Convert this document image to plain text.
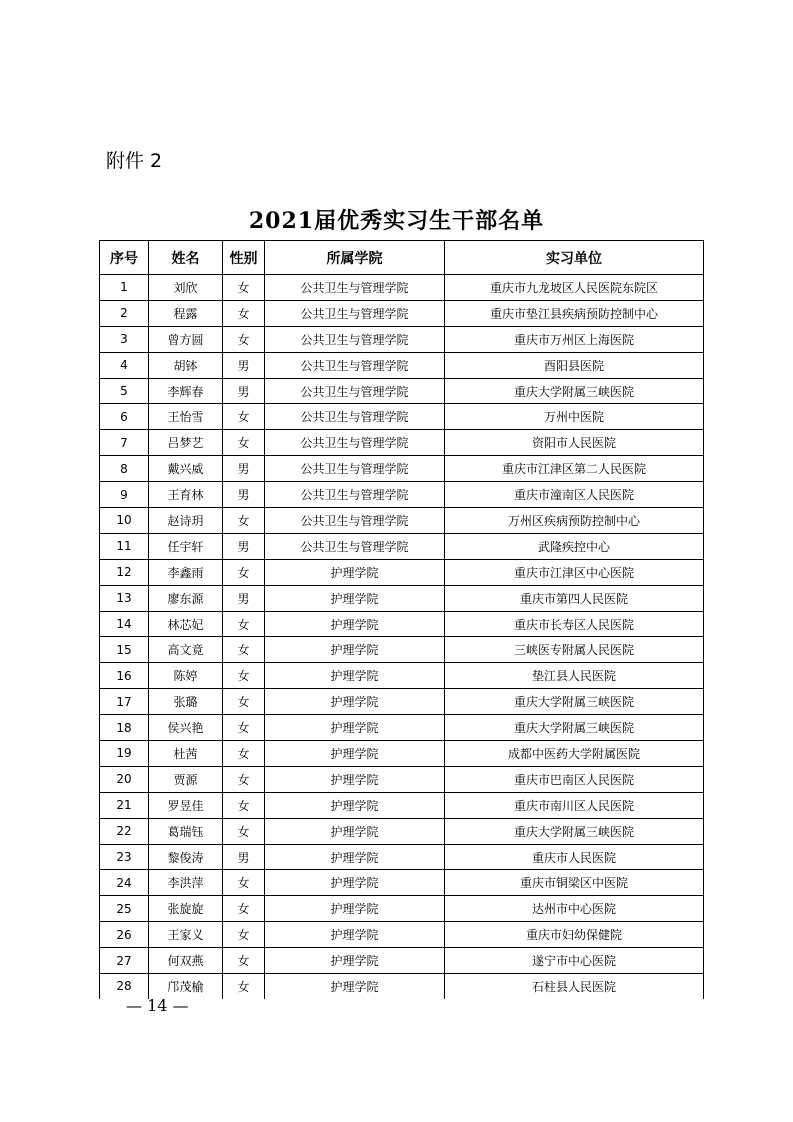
附件 2
2021届优秀实习生干部名单
序号	姓名	性别	所属学院	实习单位
1	刘欣	女	公共卫生与管理学院	重庆市九龙坡区人民医院东院区
2	程露	女	公共卫生与管理学院	重庆市垫江县疾病预防控制中心
3	曾方圆	女	公共卫生与管理学院	重庆市万州区上海医院
4	胡钵	男	公共卫生与管理学院	酉阳县医院
5	李辉春	男	公共卫生与管理学院	重庆大学附属三峡医院
6	王怡雪	女	公共卫生与管理学院	万州中医院
7	吕梦艺	女	公共卫生与管理学院	资阳市人民医院
8	戴兴威	男	公共卫生与管理学院	重庆市江津区第二人民医院
9	王育林	男	公共卫生与管理学院	重庆市潼南区人民医院
10	赵诗玥	女	公共卫生与管理学院	万州区疾病预防控制中心
11	任宇轩	男	公共卫生与管理学院	武隆疾控中心
12	李鑫雨	女	护理学院	重庆市江津区中心医院
13	廖东源	男	护理学院	重庆市第四人民医院
14	林芯妃	女	护理学院	重庆市长寿区人民医院
15	高文竟	女	护理学院	三峡医专附属人民医院
16	陈婷	女	护理学院	垫江县人民医院
17	张璐	女	护理学院	重庆大学附属三峡医院
18	侯兴艳	女	护理学院	重庆大学附属三峡医院
19	杜茜	女	护理学院	成都中医药大学附属医院
20	贾源	女	护理学院	重庆市巴南区人民医院
21	罗昱佳	女	护理学院	重庆市南川区人民医院
22	葛瑞钰	女	护理学院	重庆大学附属三峡医院
23	黎俊涛	男	护理学院	重庆市人民医院
24	李洪萍	女	护理学院	重庆市铜梁区中医院
25	张旋旋	女	护理学院	达州市中心医院
26	王家义	女	护理学院	重庆市妇幼保健院
27	何双燕	女	护理学院	遂宁市中心医院
28	邝茂榆	女	护理学院	石柱县人民医院
— 14 —
